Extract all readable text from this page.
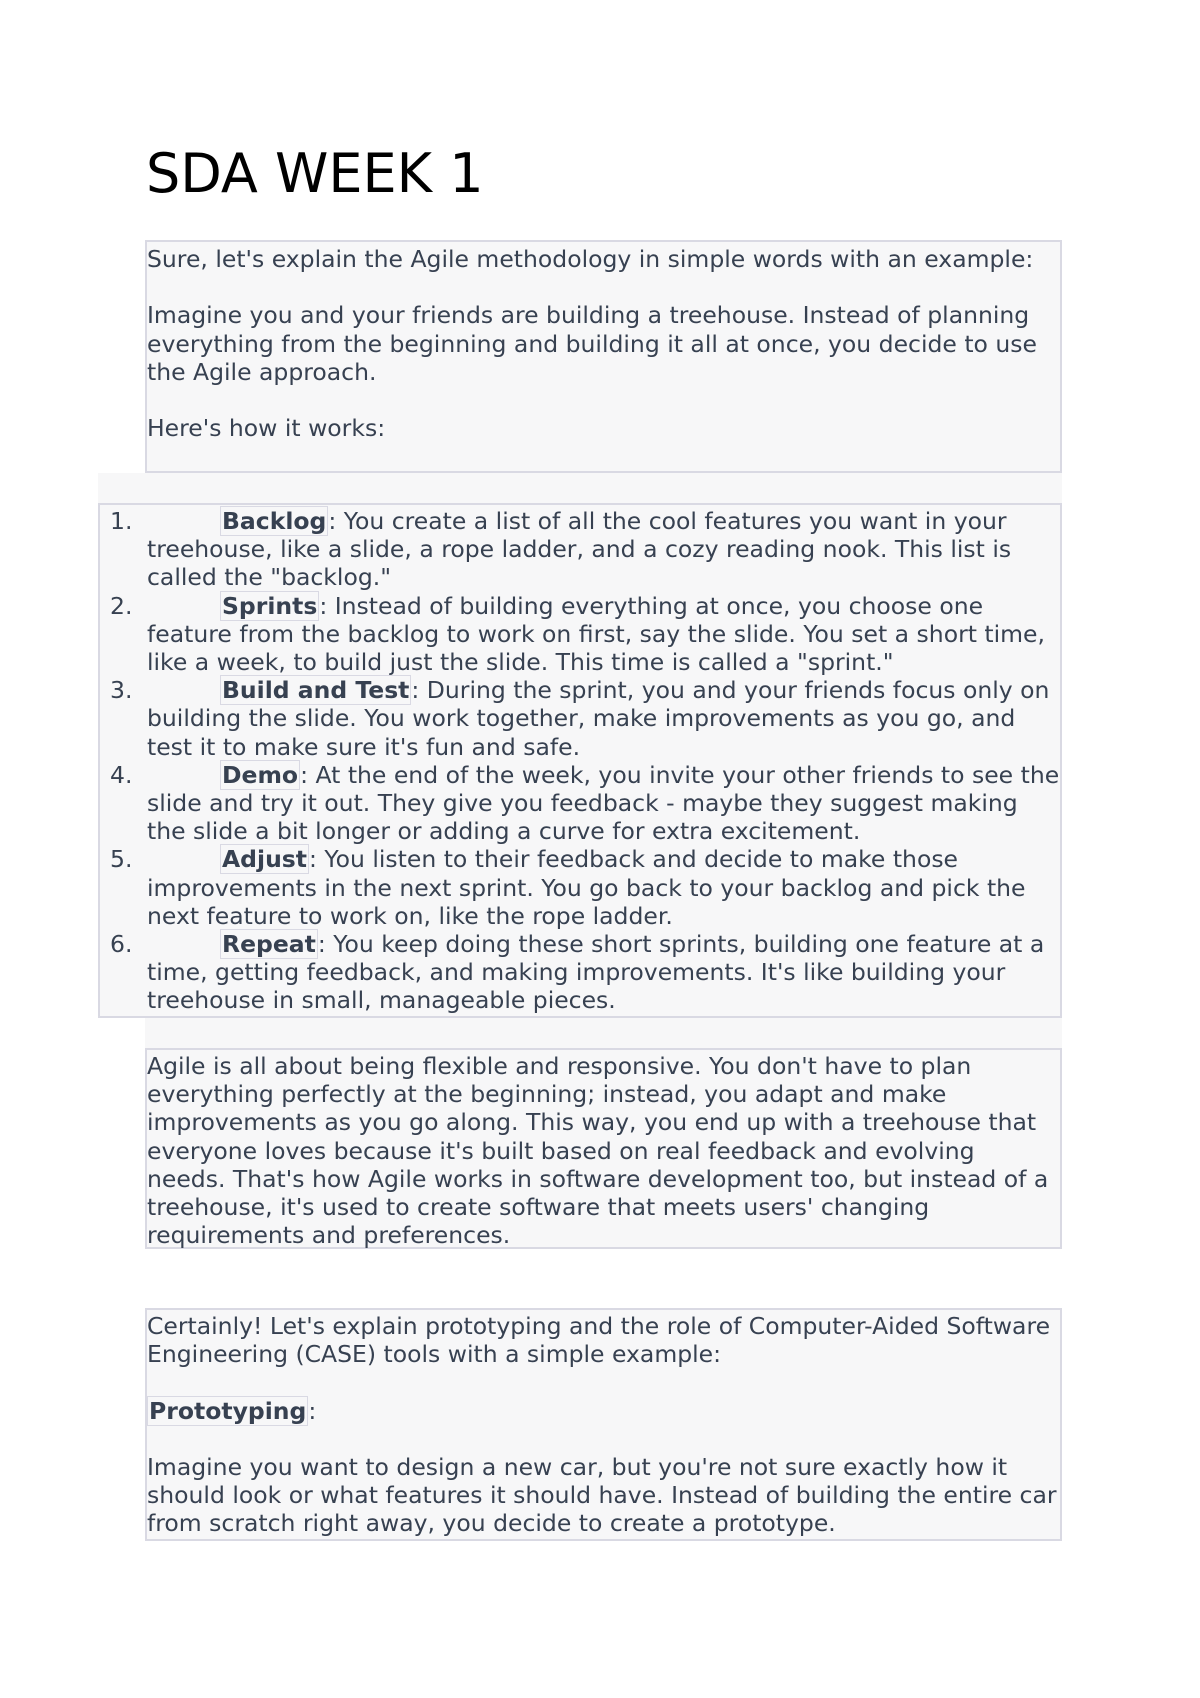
SDA WEEK 1

Sure, let's explain the Agile methodology in simple words with an example:

Imagine you and your friends are building a treehouse. Instead of planning everything from the beginning and building it all at once, you decide to use the Agile approach.

Here's how it works:

1.	Backlog: You create a list of all the cool features you want in your treehouse, like a slide, a rope ladder, and a cozy reading nook. This list is called the "backlog."
2.	Sprints: Instead of building everything at once, you choose one feature from the backlog to work on first, say the slide. You set a short time, like a week, to build just the slide. This time is called a "sprint."
3.	Build and Test: During the sprint, you and your friends focus only on building the slide. You work together, make improvements as you go, and test it to make sure it's fun and safe.
4.	Demo: At the end of the week, you invite your other friends to see the slide and try it out. They give you feedback - maybe they suggest making the slide a bit longer or adding a curve for extra excitement.
5.	Adjust: You listen to their feedback and decide to make those improvements in the next sprint. You go back to your backlog and pick the next feature to work on, like the rope ladder.
6.	Repeat: You keep doing these short sprints, building one feature at a time, getting feedback, and making improvements. It's like building your treehouse in small, manageable pieces.

Agile is all about being flexible and responsive. You don't have to plan everything perfectly at the beginning; instead, you adapt and make improvements as you go along. This way, you end up with a treehouse that everyone loves because it's built based on real feedback and evolving needs. That's how Agile works in software development too, but instead of a treehouse, it's used to create software that meets users' changing requirements and preferences.

Certainly! Let's explain prototyping and the role of Computer-Aided Software Engineering (CASE) tools with a simple example:

Prototyping:

Imagine you want to design a new car, but you're not sure exactly how it should look or what features it should have. Instead of building the entire car from scratch right away, you decide to create a prototype.
